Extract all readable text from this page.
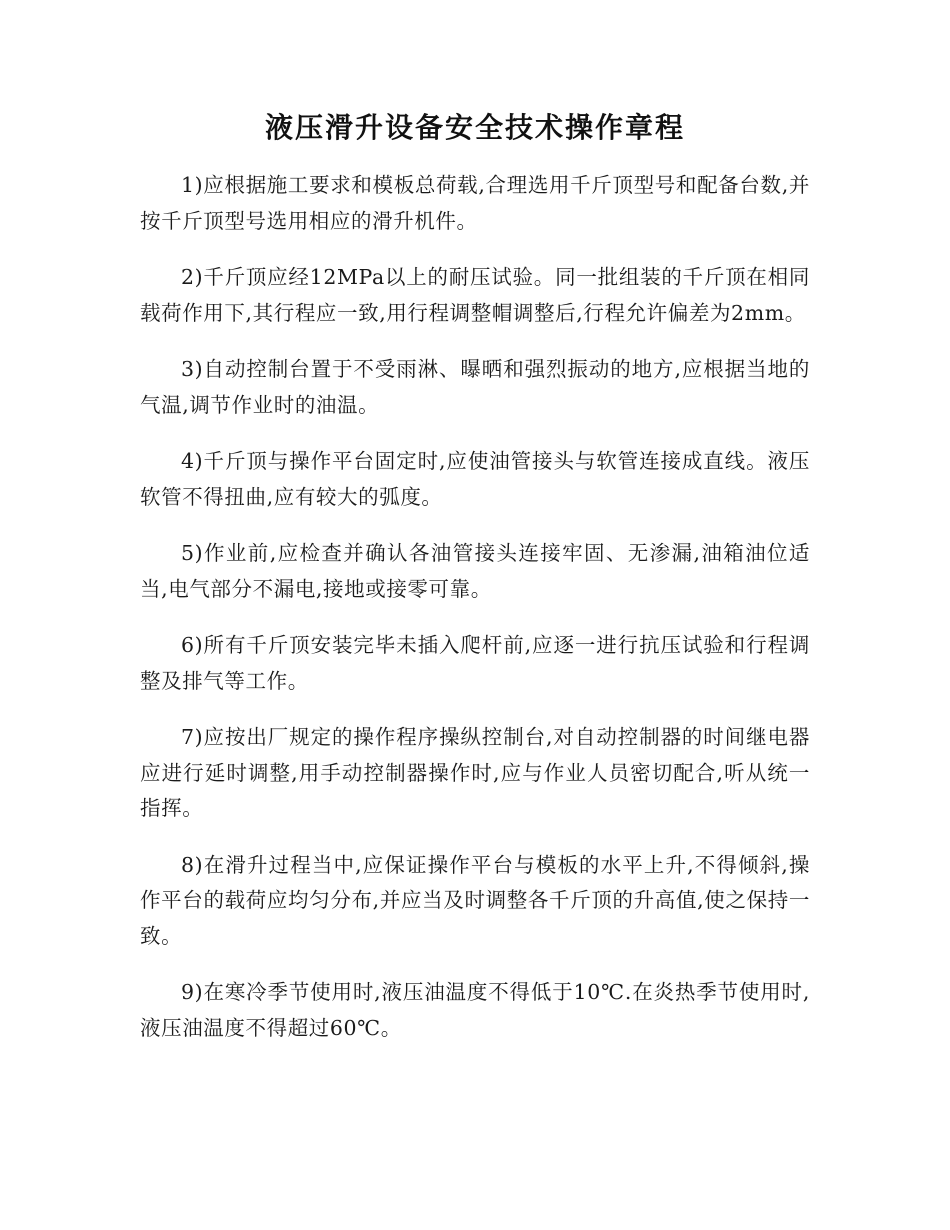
液压滑升设备安全技术操作章程
1)应根据施工要求和模板总荷载,合理选用千斤顶型号和配备台数,并按千斤顶型号选用相应的滑升机件。
2)千斤顶应经12MPa以上的耐压试验。同一批组装的千斤顶在相同载荷作用下,其行程应一致,用行程调整帽调整后,行程允许偏差为2mm。
3)自动控制台置于不受雨淋、曝晒和强烈振动的地方,应根据当地的气温,调节作业时的油温。
4)千斤顶与操作平台固定时,应使油管接头与软管连接成直线。液压软管不得扭曲,应有较大的弧度。
5)作业前,应检查并确认各油管接头连接牢固、无渗漏,油箱油位适当,电气部分不漏电,接地或接零可靠。
6)所有千斤顶安装完毕未插入爬杆前,应逐一进行抗压试验和行程调整及排气等工作。
7)应按出厂规定的操作程序操纵控制台,对自动控制器的时间继电器应进行延时调整,用手动控制器操作时,应与作业人员密切配合,听从统一指挥。
8)在滑升过程当中,应保证操作平台与模板的水平上升,不得倾斜,操作平台的载荷应均匀分布,并应当及时调整各千斤顶的升高值,使之保持一致。
9)在寒冷季节使用时,液压油温度不得低于10℃.在炎热季节使用时,液压油温度不得超过60℃。
